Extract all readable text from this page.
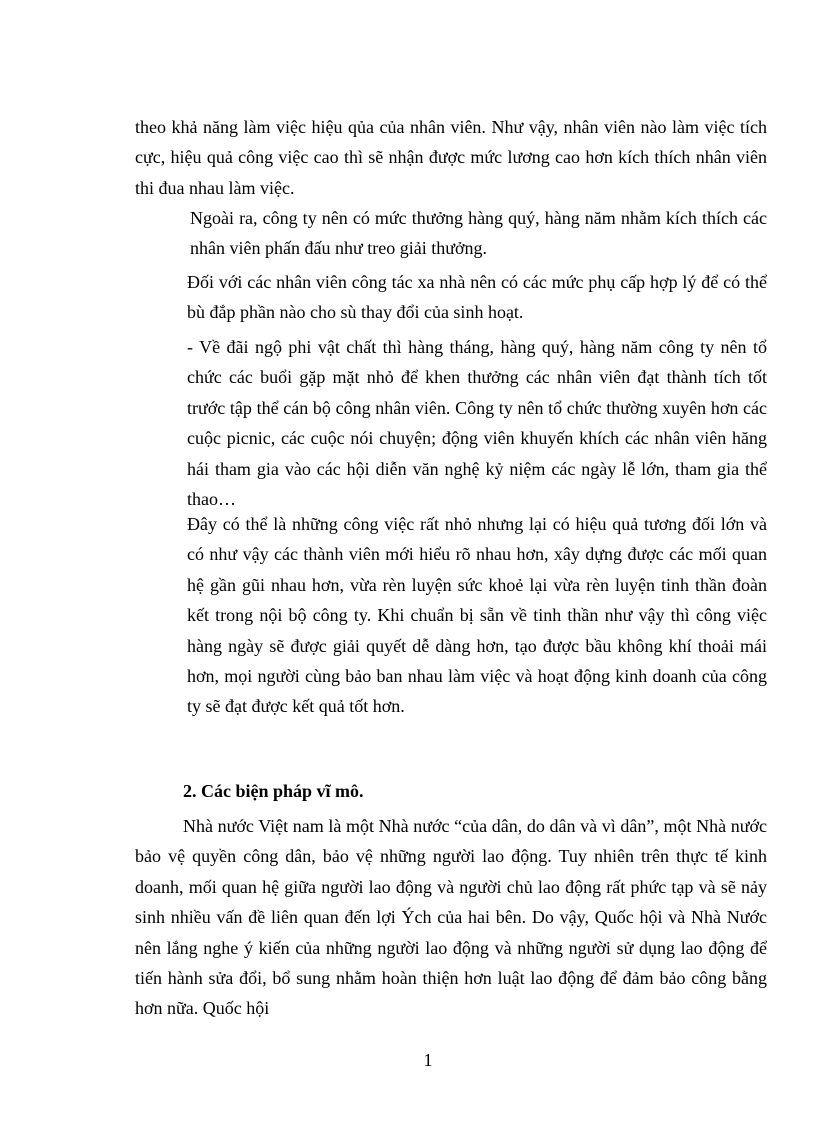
theo khả năng làm việc hiệu qủa của nhân viên. Như vậy, nhân viên nào làm việc tích cực, hiệu quả công việc cao thì sẽ nhận được mức lương cao hơn kích thích nhân viên thi đua nhau làm việc.

Ngoài ra, công ty nên có mức thưởng hàng quý, hàng năm nhằm kích thích các nhân viên phấn đấu như treo giải thưởng.

Đối với các nhân viên công tác xa nhà nên có các mức phụ cấp hợp lý để có thể bù đắp phần nào cho sù thay đổi của sinh hoạt.

- Về đãi ngộ phi vật chất thì hàng tháng, hàng quý, hàng năm công ty nên tổ chức các buổi gặp mặt nhỏ để khen thưởng các nhân viên đạt thành tích tốt trước tập thể cán bộ công nhân viên. Công ty nên tổ chức thường xuyên hơn các cuộc picnic, các cuộc nói chuyện; động viên khuyến khích các nhân viên hăng hái tham gia vào các hội diễn văn nghệ kỷ niệm các ngày lễ lớn, tham gia thể thao…

Đây có thể là những công việc rất nhỏ nhưng lại có hiệu quả tương đối lớn và có như vậy các thành viên mới hiểu rõ nhau hơn, xây dựng được các mối quan hệ gần gũi nhau hơn, vừa rèn luyện sức khoẻ lại vừa rèn luyện tinh thần đoàn kết trong nội bộ công ty. Khi chuẩn bị sẵn về tinh thần như vậy thì công việc hàng ngày sẽ được giải quyết dễ dàng hơn, tạo được bầu không khí thoải mái hơn, mọi người cùng bảo ban nhau làm việc và hoạt động kinh doanh của công ty sẽ đạt được kết quả tốt hơn.

2. Các biện pháp vĩ mô.

Nhà nước Việt nam là một Nhà nước “của dân, do dân và vì dân”, một Nhà nước bảo vệ quyền công dân, bảo vệ những người lao động. Tuy nhiên trên thực tế kinh doanh, mối quan hệ giữa người lao động và người chủ lao động rất phức tạp và sẽ nảy sinh nhiều vấn đề liên quan đến lợi Ých của hai bên. Do vậy, Quốc hội và Nhà Nước nên lắng nghe ý kiến của những người lao động và những người sử dụng lao động để tiến hành sửa đổi, bổ sung nhằm hoàn thiện hơn luật lao động để đảm bảo công bằng hơn nữa. Quốc hội

1
